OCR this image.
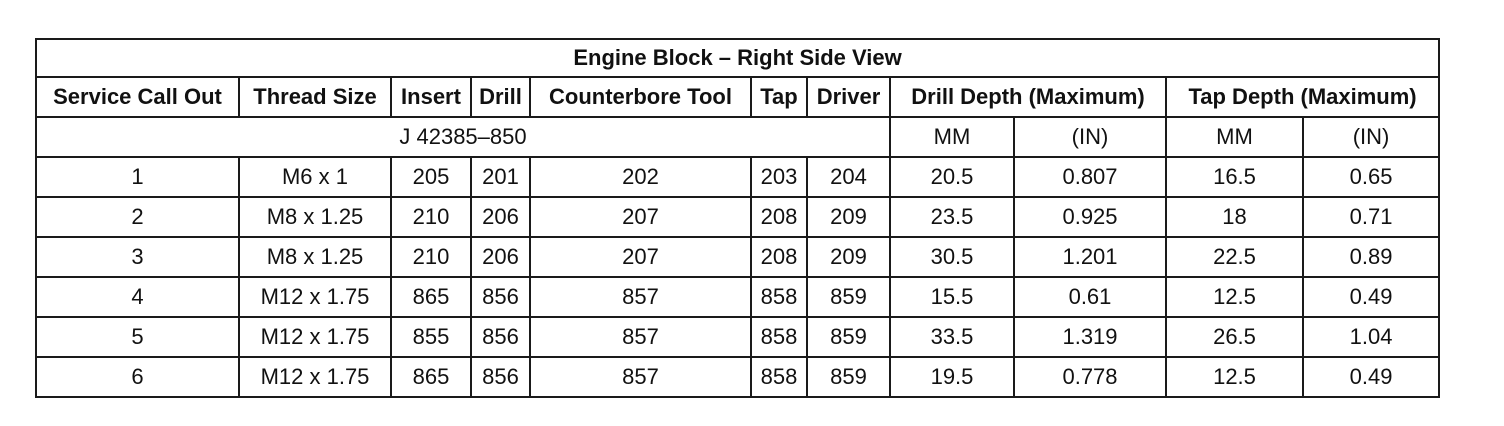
Engine Block – Right Side View										
Service Call Out	Thread Size	Insert	Drill	Counterbore Tool	Tap	Driver	Drill Depth (Maximum)		Tap Depth (Maximum)	
J 42385–850							MM	(IN)	MM	(IN)
1	M6 x 1	205	201	202	203	204	20.5	0.807	16.5	0.65
2	M8 x 1.25	210	206	207	208	209	23.5	0.925	18	0.71
3	M8 x 1.25	210	206	207	208	209	30.5	1.201	22.5	0.89
4	M12 x 1.75	865	856	857	858	859	15.5	0.61	12.5	0.49
5	M12 x 1.75	855	856	857	858	859	33.5	1.319	26.5	1.04
6	M12 x 1.75	865	856	857	858	859	19.5	0.778	12.5	0.49
